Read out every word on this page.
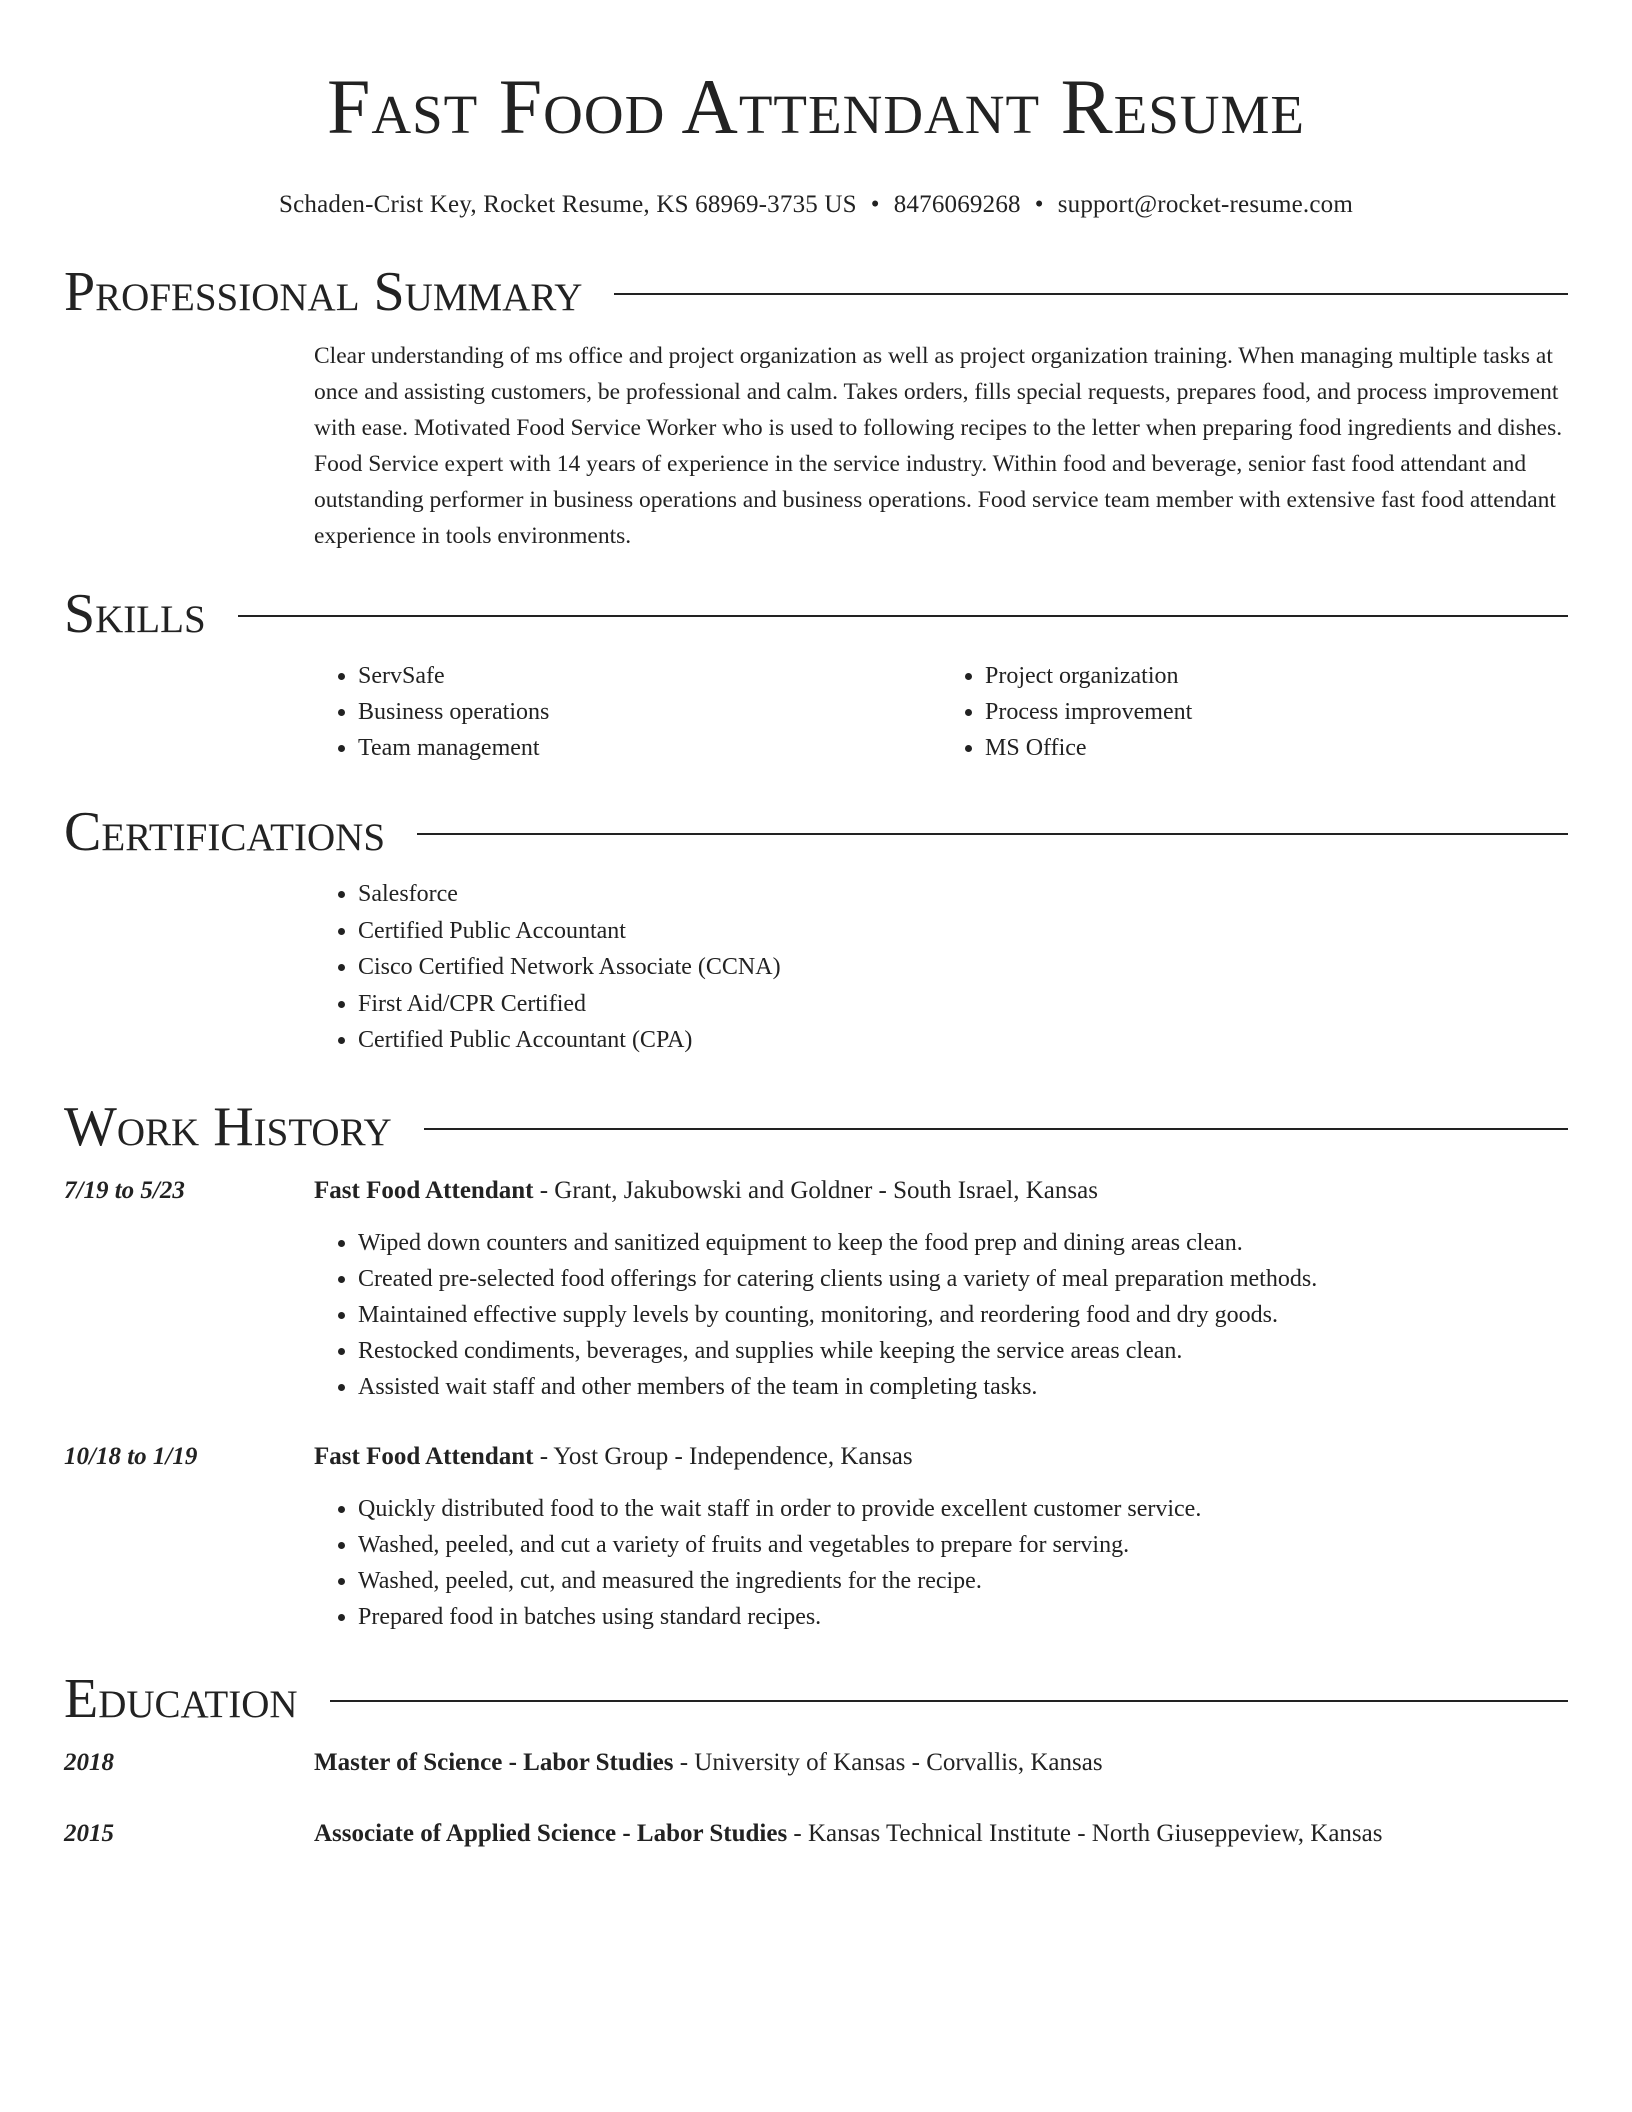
Fast Food Attendant Resume
Schaden-Crist Key, Rocket Resume, KS 68969-3735 US • 8476069268 • support@rocket-resume.com
Professional Summary
Clear understanding of ms office and project organization as well as project organization training. When managing multiple tasks at once and assisting customers, be professional and calm. Takes orders, fills special requests, prepares food, and process improvement with ease. Motivated Food Service Worker who is used to following recipes to the letter when preparing food ingredients and dishes. Food Service expert with 14 years of experience in the service industry. Within food and beverage, senior fast food attendant and outstanding performer in business operations and business operations. Food service team member with extensive fast food attendant experience in tools environments.
Skills
• ServSafe
• Business operations
• Team management
• Project organization
• Process improvement
• MS Office
Certifications
• Salesforce
• Certified Public Accountant
• Cisco Certified Network Associate (CCNA)
• First Aid/CPR Certified
• Certified Public Accountant (CPA)
Work History
7/19 to 5/23	Fast Food Attendant - Grant, Jakubowski and Goldner - South Israel, Kansas
• Wiped down counters and sanitized equipment to keep the food prep and dining areas clean.
• Created pre-selected food offerings for catering clients using a variety of meal preparation methods.
• Maintained effective supply levels by counting, monitoring, and reordering food and dry goods.
• Restocked condiments, beverages, and supplies while keeping the service areas clean.
• Assisted wait staff and other members of the team in completing tasks.
10/18 to 1/19	Fast Food Attendant - Yost Group - Independence, Kansas
• Quickly distributed food to the wait staff in order to provide excellent customer service.
• Washed, peeled, and cut a variety of fruits and vegetables to prepare for serving.
• Washed, peeled, cut, and measured the ingredients for the recipe.
• Prepared food in batches using standard recipes.
Education
2018	Master of Science - Labor Studies - University of Kansas - Corvallis, Kansas
2015	Associate of Applied Science - Labor Studies - Kansas Technical Institute - North Giuseppeview, Kansas
